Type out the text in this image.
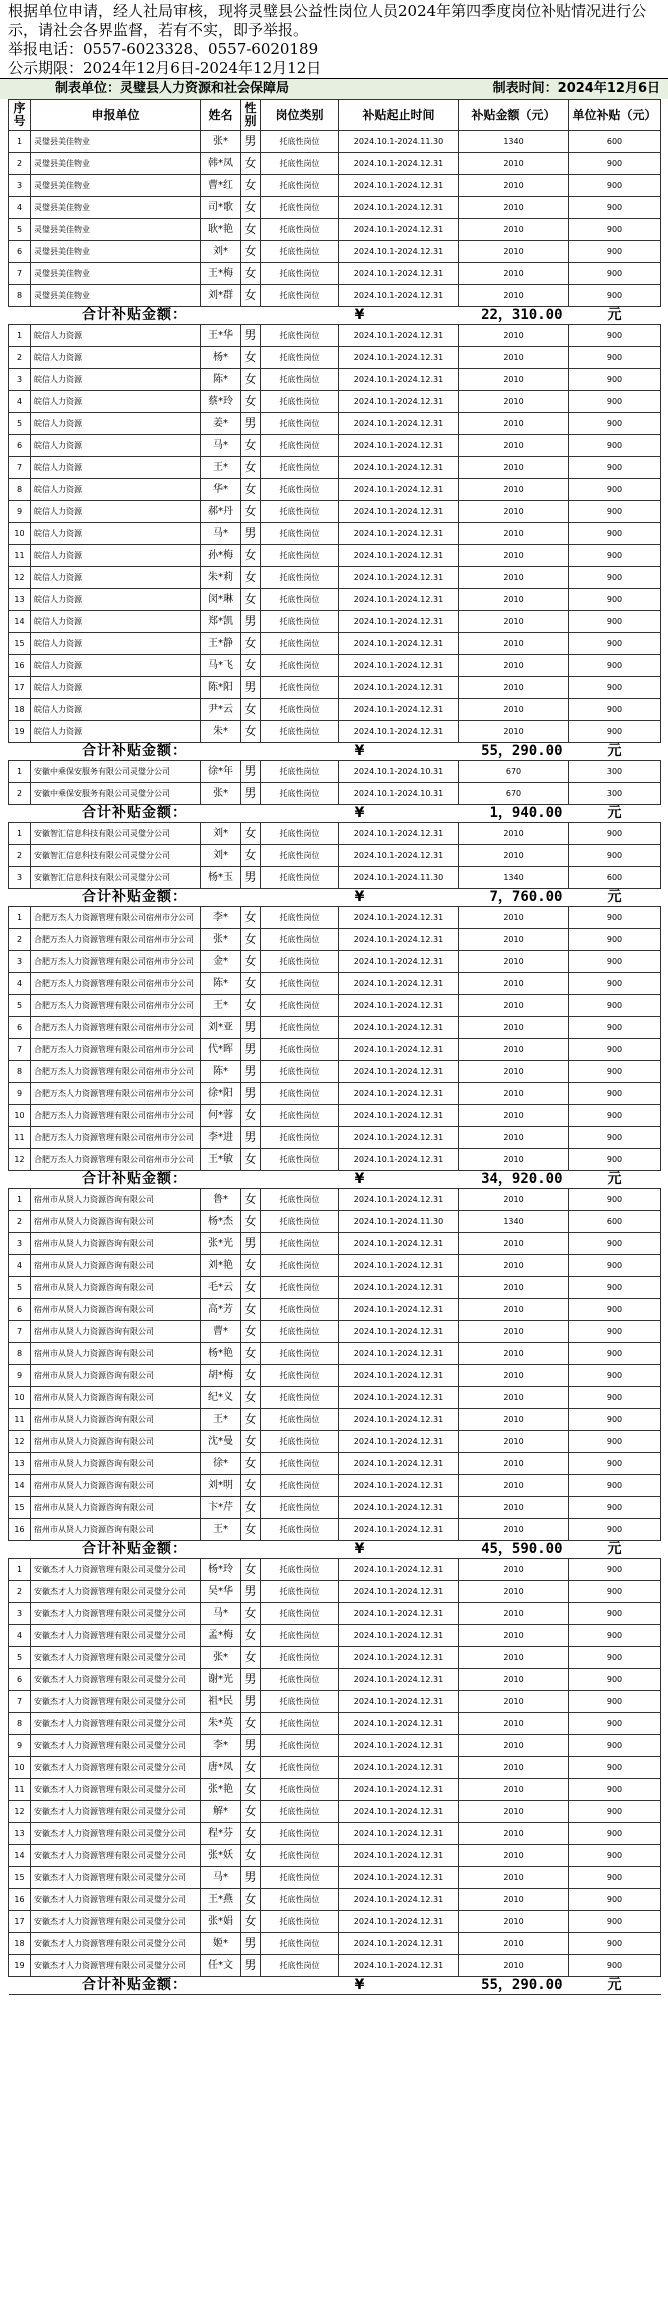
根据单位申请，经人社局审核，现将灵璧县公益性岗位人员2024年第四季度岗位补贴情况进行公示，请社会各界监督，若有不实，即予举报。

举报电话：0557-6023328、0557-6020189

公示期限：2024年12月6日-2024年12月12日

制表单位：灵璧县人力资源和社会保障局	制表时间：2024年12月6日
序号	申报单位	姓名	性别	岗位类别	补贴起止时间	补贴金额（元）	单位补贴（元）
1	灵璧县美佳物业	张*	男	托底性岗位	2024.10.1-2024.11.30	1340	600
2	灵璧县美佳物业	韩*凤	女	托底性岗位	2024.10.1-2024.12.31	2010	900
3	灵璧县美佳物业	曹*红	女	托底性岗位	2024.10.1-2024.12.31	2010	900
4	灵璧县美佳物业	司*歌	女	托底性岗位	2024.10.1-2024.12.31	2010	900
5	灵璧县美佳物业	耿*艳	女	托底性岗位	2024.10.1-2024.12.31	2010	900
6	灵璧县美佳物业	刘*	女	托底性岗位	2024.10.1-2024.12.31	2010	900
7	灵璧县美佳物业	王*梅	女	托底性岗位	2024.10.1-2024.12.31	2010	900
8	灵璧县美佳物业	刘*群	女	托底性岗位	2024.10.1-2024.12.31	2010	900
合计补贴金额：				¥		22，310.00	元
1	皖信人力资源	王*华	男	托底性岗位	2024.10.1-2024.12.31	2010	900
2	皖信人力资源	杨*	女	托底性岗位	2024.10.1-2024.12.31	2010	900
3	皖信人力资源	陈*	女	托底性岗位	2024.10.1-2024.12.31	2010	900
4	皖信人力资源	蔡*玲	女	托底性岗位	2024.10.1-2024.12.31	2010	900
5	皖信人力资源	姜*	男	托底性岗位	2024.10.1-2024.12.31	2010	900
6	皖信人力资源	马*	女	托底性岗位	2024.10.1-2024.12.31	2010	900
7	皖信人力资源	王*	女	托底性岗位	2024.10.1-2024.12.31	2010	900
8	皖信人力资源	华*	女	托底性岗位	2024.10.1-2024.12.31	2010	900
9	皖信人力资源	郝*丹	女	托底性岗位	2024.10.1-2024.12.31	2010	900
10	皖信人力资源	马*	男	托底性岗位	2024.10.1-2024.12.31	2010	900
11	皖信人力资源	孙*梅	女	托底性岗位	2024.10.1-2024.12.31	2010	900
12	皖信人力资源	朱*莉	女	托底性岗位	2024.10.1-2024.12.31	2010	900
13	皖信人力资源	闵*琳	女	托底性岗位	2024.10.1-2024.12.31	2010	900
14	皖信人力资源	郑*凯	男	托底性岗位	2024.10.1-2024.12.31	2010	900
15	皖信人力资源	王*静	女	托底性岗位	2024.10.1-2024.12.31	2010	900
16	皖信人力资源	马*飞	女	托底性岗位	2024.10.1-2024.12.31	2010	900
17	皖信人力资源	陈*阳	男	托底性岗位	2024.10.1-2024.12.31	2010	900
18	皖信人力资源	尹*云	女	托底性岗位	2024.10.1-2024.12.31	2010	900
19	皖信人力资源	朱*	女	托底性岗位	2024.10.1-2024.12.31	2010	900
合计补贴金额：				¥		55，290.00	元
1	安徽中乘保安服务有限公司灵璧分公司	徐*年	男	托底性岗位	2024.10.1-2024.10.31	670	300
2	安徽中乘保安服务有限公司灵璧分公司	张*	男	托底性岗位	2024.10.1-2024.10.31	670	300
合计补贴金额：				¥		1，940.00	元
1	安徽智汇信息科技有限公司灵璧分公司	刘*	女	托底性岗位	2024.10.1-2024.12.31	2010	900
2	安徽智汇信息科技有限公司灵璧分公司	刘*	女	托底性岗位	2024.10.1-2024.12.31	2010	900
3	安徽智汇信息科技有限公司灵璧分公司	杨*玉	男	托底性岗位	2024.10.1-2024.11.30	1340	600
合计补贴金额：				¥		7，760.00	元
1	合肥万杰人力资源管理有限公司宿州市分公司	李*	女	托底性岗位	2024.10.1-2024.12.31	2010	900
2	合肥万杰人力资源管理有限公司宿州市分公司	张*	女	托底性岗位	2024.10.1-2024.12.31	2010	900
3	合肥万杰人力资源管理有限公司宿州市分公司	金*	女	托底性岗位	2024.10.1-2024.12.31	2010	900
4	合肥万杰人力资源管理有限公司宿州市分公司	陈*	女	托底性岗位	2024.10.1-2024.12.31	2010	900
5	合肥万杰人力资源管理有限公司宿州市分公司	王*	女	托底性岗位	2024.10.1-2024.12.31	2010	900
6	合肥万杰人力资源管理有限公司宿州市分公司	刘*亚	男	托底性岗位	2024.10.1-2024.12.31	2010	900
7	合肥万杰人力资源管理有限公司宿州市分公司	代*晖	男	托底性岗位	2024.10.1-2024.12.31	2010	900
8	合肥万杰人力资源管理有限公司宿州市分公司	陈*	男	托底性岗位	2024.10.1-2024.12.31	2010	900
9	合肥万杰人力资源管理有限公司宿州市分公司	徐*阳	男	托底性岗位	2024.10.1-2024.12.31	2010	900
10	合肥万杰人力资源管理有限公司宿州市分公司	何*蓉	女	托底性岗位	2024.10.1-2024.12.31	2010	900
11	合肥万杰人力资源管理有限公司宿州市分公司	李*进	男	托底性岗位	2024.10.1-2024.12.31	2010	900
12	合肥万杰人力资源管理有限公司宿州市分公司	王*敏	女	托底性岗位	2024.10.1-2024.12.31	2010	900
合计补贴金额：				¥		34，920.00	元
1	宿州市从贤人力资源咨询有限公司	鲁*	女	托底性岗位	2024.10.1-2024.12.31	2010	900
2	宿州市从贤人力资源咨询有限公司	杨*杰	女	托底性岗位	2024.10.1-2024.11.30	1340	600
3	宿州市从贤人力资源咨询有限公司	张*光	男	托底性岗位	2024.10.1-2024.12.31	2010	900
4	宿州市从贤人力资源咨询有限公司	刘*艳	女	托底性岗位	2024.10.1-2024.12.31	2010	900
5	宿州市从贤人力资源咨询有限公司	毛*云	女	托底性岗位	2024.10.1-2024.12.31	2010	900
6	宿州市从贤人力资源咨询有限公司	高*芳	女	托底性岗位	2024.10.1-2024.12.31	2010	900
7	宿州市从贤人力资源咨询有限公司	曹*	女	托底性岗位	2024.10.1-2024.12.31	2010	900
8	宿州市从贤人力资源咨询有限公司	杨*艳	女	托底性岗位	2024.10.1-2024.12.31	2010	900
9	宿州市从贤人力资源咨询有限公司	胡*梅	女	托底性岗位	2024.10.1-2024.12.31	2010	900
10	宿州市从贤人力资源咨询有限公司	纪*义	女	托底性岗位	2024.10.1-2024.12.31	2010	900
11	宿州市从贤人力资源咨询有限公司	王*	女	托底性岗位	2024.10.1-2024.12.31	2010	900
12	宿州市从贤人力资源咨询有限公司	沈*曼	女	托底性岗位	2024.10.1-2024.12.31	2010	900
13	宿州市从贤人力资源咨询有限公司	徐*	女	托底性岗位	2024.10.1-2024.12.31	2010	900
14	宿州市从贤人力资源咨询有限公司	刘*明	女	托底性岗位	2024.10.1-2024.12.31	2010	900
15	宿州市从贤人力资源咨询有限公司	卞*芹	女	托底性岗位	2024.10.1-2024.12.31	2010	900
16	宿州市从贤人力资源咨询有限公司	王*	女	托底性岗位	2024.10.1-2024.12.31	2010	900
合计补贴金额：				¥		45，590.00	元
1	安徽杰才人力资源管理有限公司灵璧分公司	杨*玲	女	托底性岗位	2024.10.1-2024.12.31	2010	900
2	安徽杰才人力资源管理有限公司灵璧分公司	吴*华	男	托底性岗位	2024.10.1-2024.12.31	2010	900
3	安徽杰才人力资源管理有限公司灵璧分公司	马*	女	托底性岗位	2024.10.1-2024.12.31	2010	900
4	安徽杰才人力资源管理有限公司灵璧分公司	孟*梅	女	托底性岗位	2024.10.1-2024.12.31	2010	900
5	安徽杰才人力资源管理有限公司灵璧分公司	张*	女	托底性岗位	2024.10.1-2024.12.31	2010	900
6	安徽杰才人力资源管理有限公司灵璧分公司	谢*光	男	托底性岗位	2024.10.1-2024.12.31	2010	900
7	安徽杰才人力资源管理有限公司灵璧分公司	祖*民	男	托底性岗位	2024.10.1-2024.12.31	2010	900
8	安徽杰才人力资源管理有限公司灵璧分公司	朱*英	女	托底性岗位	2024.10.1-2024.12.31	2010	900
9	安徽杰才人力资源管理有限公司灵璧分公司	李*	男	托底性岗位	2024.10.1-2024.12.31	2010	900
10	安徽杰才人力资源管理有限公司灵璧分公司	唐*凤	女	托底性岗位	2024.10.1-2024.12.31	2010	900
11	安徽杰才人力资源管理有限公司灵璧分公司	张*艳	女	托底性岗位	2024.10.1-2024.12.31	2010	900
12	安徽杰才人力资源管理有限公司灵璧分公司	解*	女	托底性岗位	2024.10.1-2024.12.31	2010	900
13	安徽杰才人力资源管理有限公司灵璧分公司	程*芬	女	托底性岗位	2024.10.1-2024.12.31	2010	900
14	安徽杰才人力资源管理有限公司灵璧分公司	张*妖	女	托底性岗位	2024.10.1-2024.12.31	2010	900
15	安徽杰才人力资源管理有限公司灵璧分公司	马*	男	托底性岗位	2024.10.1-2024.12.31	2010	900
16	安徽杰才人力资源管理有限公司灵璧分公司	王*燕	女	托底性岗位	2024.10.1-2024.12.31	2010	900
17	安徽杰才人力资源管理有限公司灵璧分公司	张*娟	女	托底性岗位	2024.10.1-2024.12.31	2010	900
18	安徽杰才人力资源管理有限公司灵璧分公司	姬*	男	托底性岗位	2024.10.1-2024.12.31	2010	900
19	安徽杰才人力资源管理有限公司灵璧分公司	任*文	男	托底性岗位	2024.10.1-2024.12.31	2010	900
合计补贴金额：				¥		55，290.00	元
